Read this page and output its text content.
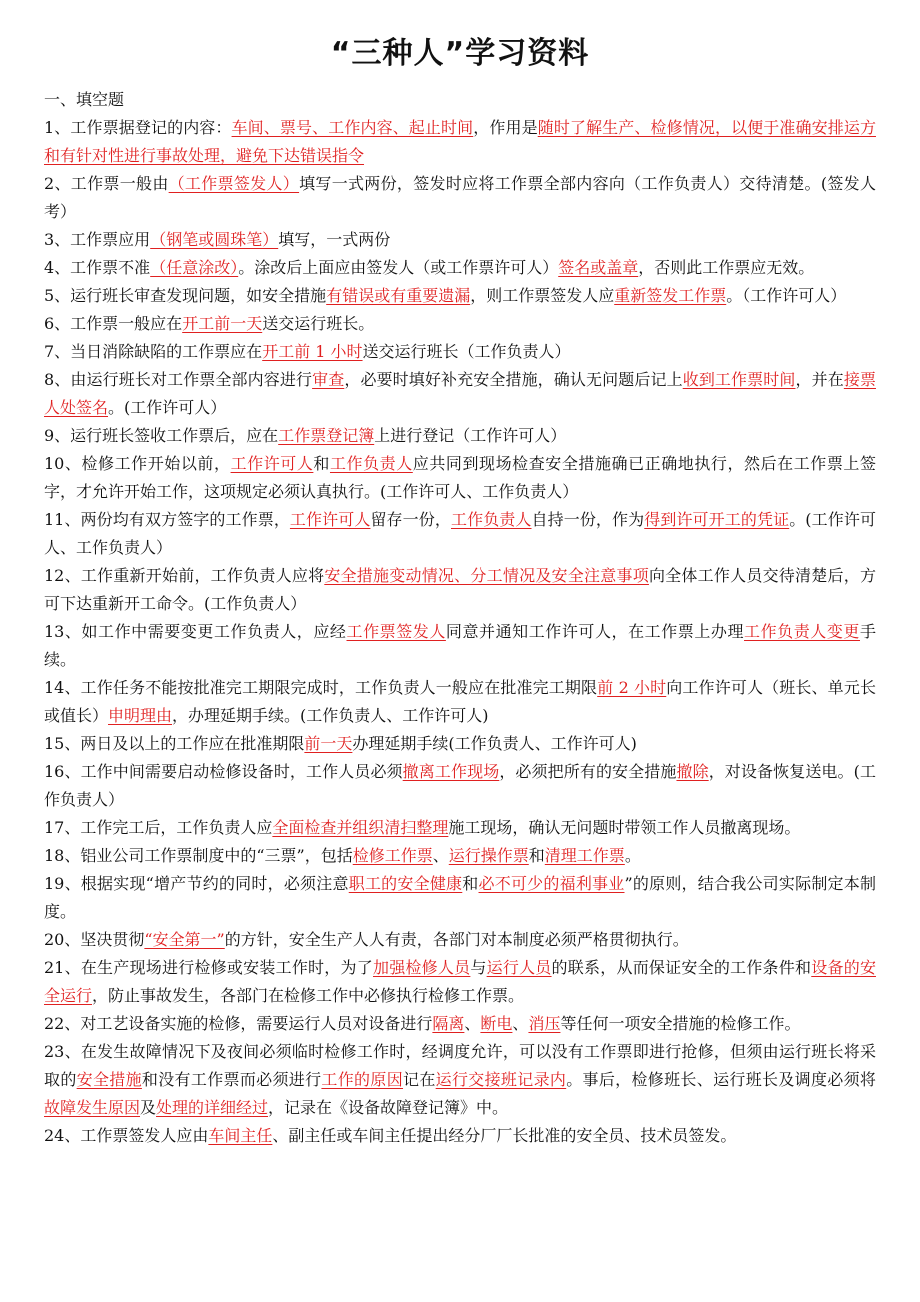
“三种人”学习资料

一、填空题

1、工作票据登记的内容：车间、票号、工作内容、起止时间，作用是随时了解生产、检修情况，以便于准确安排运方和有针对性进行事故处理，避免下达错误指令

2、工作票一般由（工作票签发人）填写一式两份，签发时应将工作票全部内容向（工作负责人）交待清楚。(签发人考）

3、工作票应用（钢笔或圆珠笔）填写，一式两份

4、工作票不准（任意涂改）。涂改后上面应由签发人（或工作票许可人）签名或盖章，否则此工作票应无效。

5、运行班长审查发现问题，如安全措施有错误或有重要遗漏，则工作票签发人应重新签发工作票。（工作许可人）

6、工作票一般应在开工前一天送交运行班长。

7、当日消除缺陷的工作票应在开工前 1 小时送交运行班长（工作负责人）

8、由运行班长对工作票全部内容进行审查，必要时填好补充安全措施，确认无问题后记上收到工作票时间，并在接票人处签名。(工作许可人）

9、运行班长签收工作票后，应在工作票登记簿上进行登记（工作许可人）

10、检修工作开始以前，工作许可人和工作负责人应共同到现场检查安全措施确已正确地执行，然后在工作票上签字，才允许开始工作，这项规定必须认真执行。(工作许可人、工作负责人）

11、两份均有双方签字的工作票，工作许可人留存一份，工作负责人自持一份，作为得到许可开工的凭证。(工作许可人、工作负责人）

12、工作重新开始前，工作负责人应将安全措施变动情况、分工情况及安全注意事项向全体工作人员交待清楚后，方可下达重新开工命令。(工作负责人）

13、如工作中需要变更工作负责人，应经工作票签发人同意并通知工作许可人，在工作票上办理工作负责人变更手续。

14、工作任务不能按批准完工期限完成时，工作负责人一般应在批准完工期限前 2 小时向工作许可人（班长、单元长或值长）申明理由，办理延期手续。(工作负责人、工作许可人)

15、两日及以上的工作应在批准期限前一天办理延期手续(工作负责人、工作许可人)

16、工作中间需要启动检修设备时，工作人员必须撤离工作现场，必须把所有的安全措施撤除，对设备恢复送电。(工作负责人）

17、工作完工后，工作负责人应全面检查并组织清扫整理施工现场，确认无问题时带领工作人员撤离现场。

18、铝业公司工作票制度中的“三票”，包括检修工作票、运行操作票和清理工作票。

19、根据实现“增产节约的同时，必须注意职工的安全健康和必不可少的福利事业”的原则，结合我公司实际制定本制度。

20、坚决贯彻“安全第一”的方针，安全生产人人有责，各部门对本制度必须严格贯彻执行。

21、在生产现场进行检修或安装工作时，为了加强检修人员与运行人员的联系，从而保证安全的工作条件和设备的安全运行，防止事故发生，各部门在检修工作中必修执行检修工作票。

22、对工艺设备实施的检修，需要运行人员对设备进行隔离、断电、消压等任何一项安全措施的检修工作。

23、在发生故障情况下及夜间必须临时检修工作时，经调度允许，可以没有工作票即进行抢修，但须由运行班长将采取的安全措施和没有工作票而必须进行工作的原因记在运行交接班记录内。事后，检修班长、运行班长及调度必须将故障发生原因及处理的详细经过，记录在《设备故障登记簿》中。

24、工作票签发人应由车间主任、副主任或车间主任提出经分厂厂长批准的安全员、技术员签发。
